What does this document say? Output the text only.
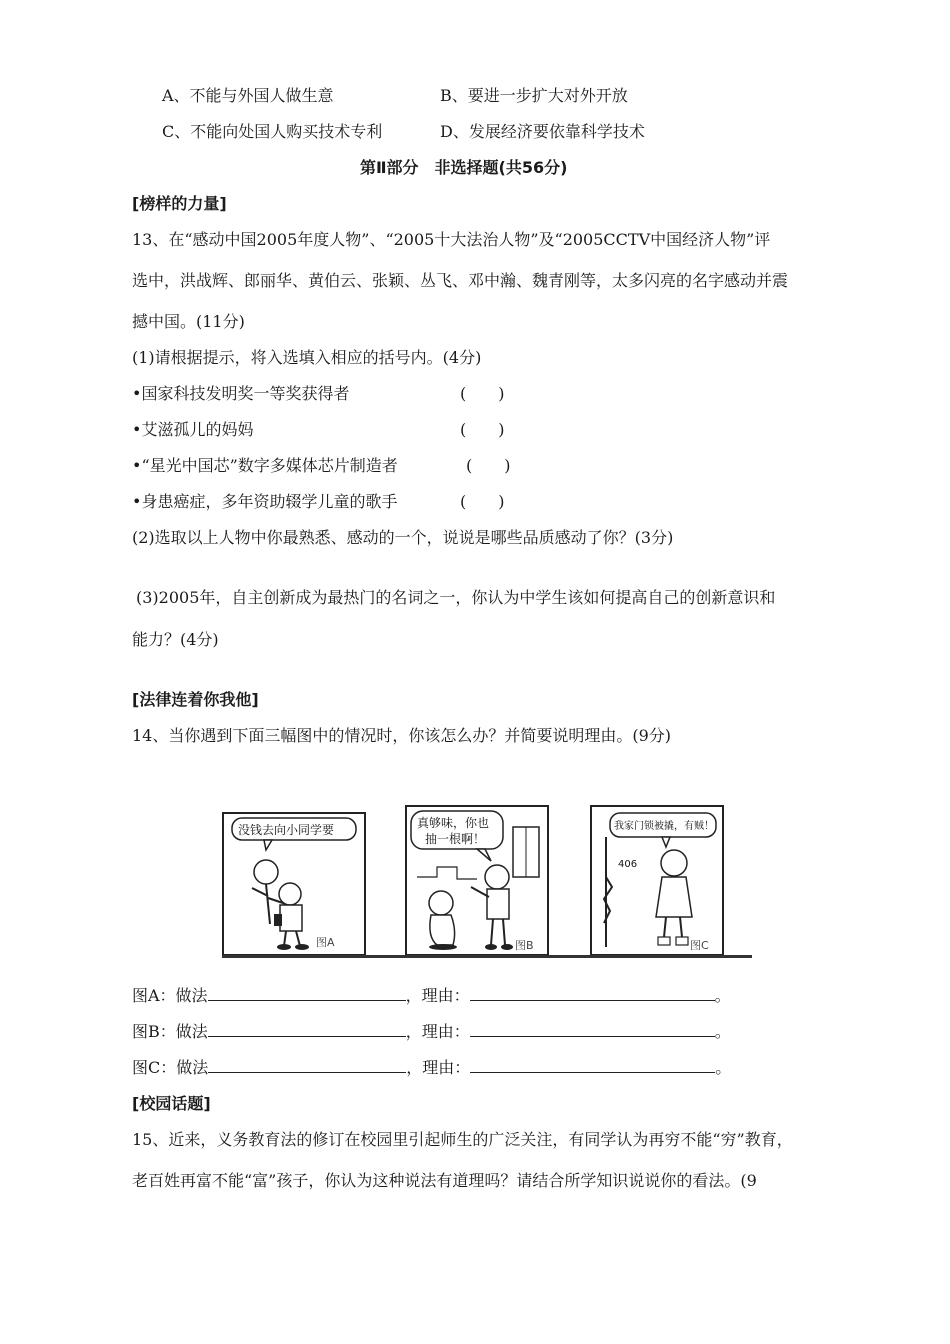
A、不能与外国人做生意	B、要进一步扩大对外开放
C、不能向处国人购买技术专利	D、发展经济要依靠科学技术
第Ⅱ部分　非选择题(共56分)
[榜样的力量]
13、在“感动中国2005年度人物”、“2005十大法治人物”及“2005CCTV中国经济人物”评
选中，洪战辉、郎丽华、黄伯云、张颖、丛飞、邓中瀚、魏青刚等，太多闪亮的名字感动并震
撼中国。(11分)
(1)请根据提示，将入选填入相应的括号内。(4分)
•国家科技发明奖一等奖获得者	(　　)
•艾滋孤儿的妈妈	(　　)
•“星光中国芯”数字多媒体芯片制造者	(　　)
•身患癌症，多年资助辍学儿童的歌手	(　　)
(2)选取以上人物中你最熟悉、感动的一个，说说是哪些品质感动了你？(3分)
(3)2005年，自主创新成为最热门的名词之一，你认为中学生该如何提高自己的创新意识和
能力？(4分)
[法律连着你我他]
14、当你遇到下面三幅图中的情况时，你该怎么办？并简要说明理由。(9分)
没钱去向小同学要
图A
真够味，你也
抽一根啊！
图B
我家门锁被撬，有贼！
406
图C
图A：做法	，理由：	。
图B：做法	，理由：	。
图C：做法	，理由：	。
[校园话题]
15、近来，义务教育法的修订在校园里引起师生的广泛关注，有同学认为再穷不能“穷”教育，
老百姓再富不能“富”孩子，你认为这种说法有道理吗？请结合所学知识说说你的看法。(9
